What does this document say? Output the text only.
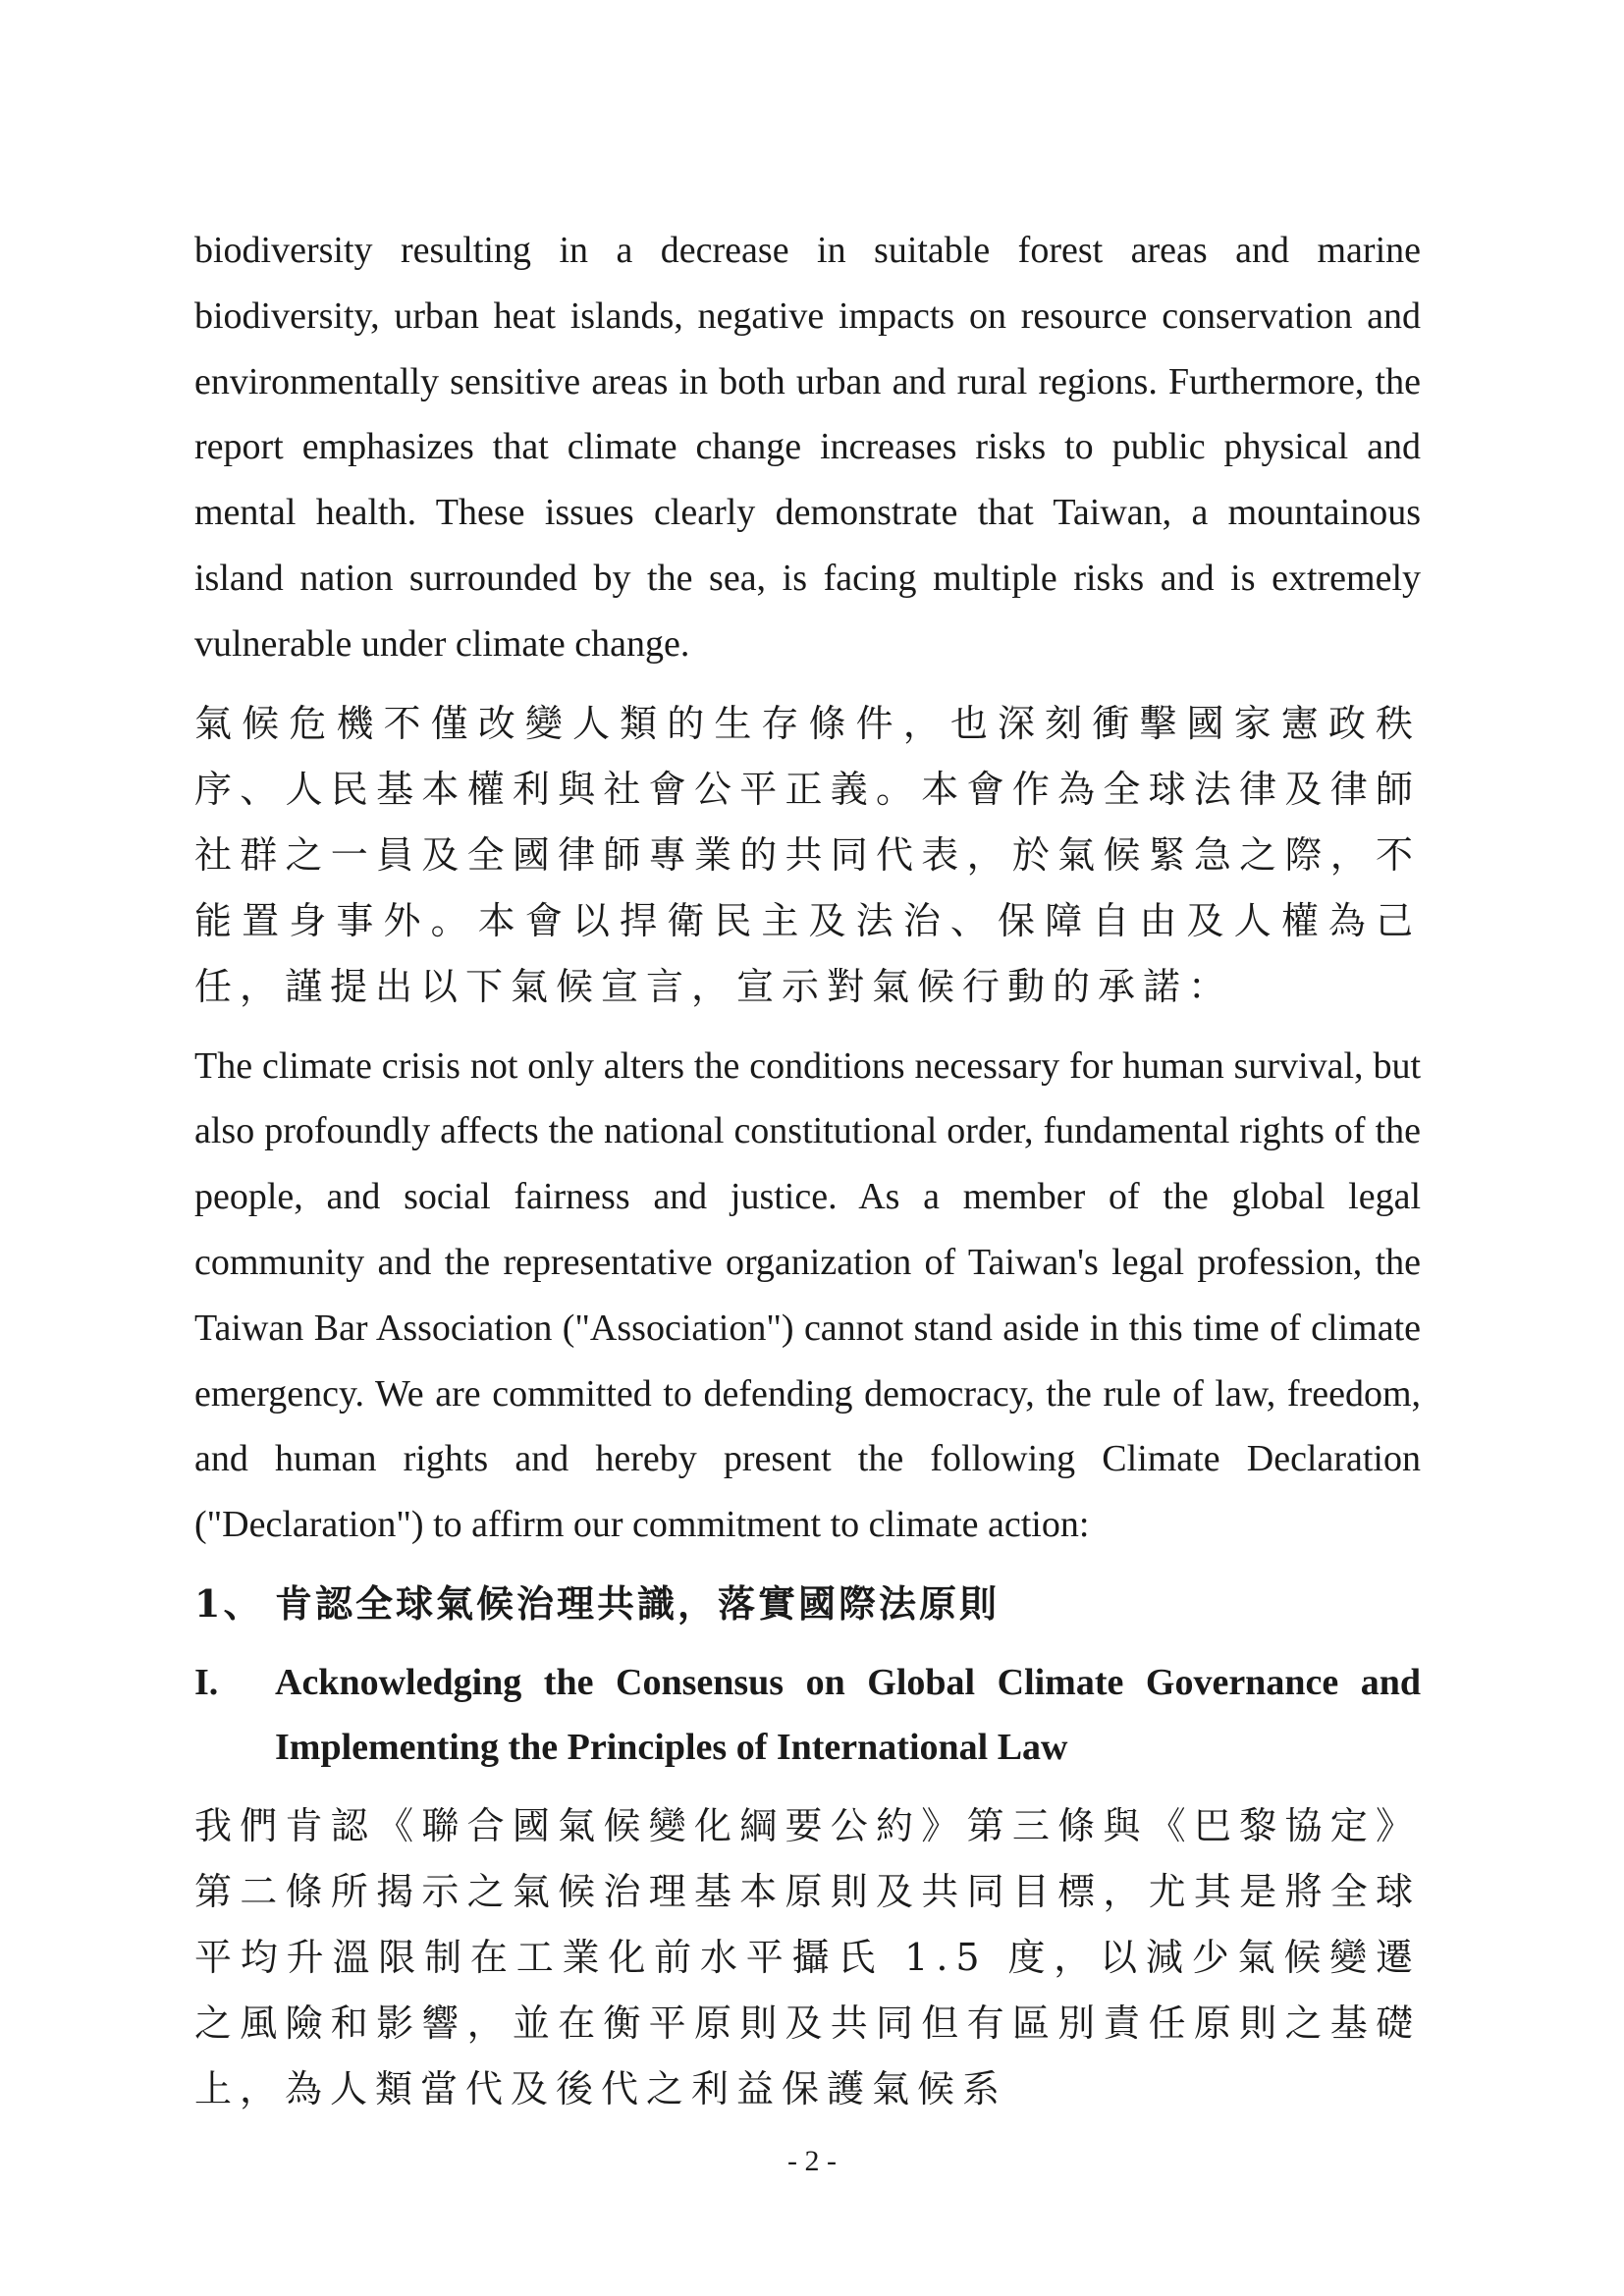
biodiversity resulting in a decrease in suitable forest areas and marine biodiversity, urban heat islands, negative impacts on resource conservation and environmentally sensitive areas in both urban and rural regions. Furthermore, the report emphasizes that climate change increases risks to public physical and mental health. These issues clearly demonstrate that Taiwan, a mountainous island nation surrounded by the sea, is facing multiple risks and is extremely vulnerable under climate change.

氣候危機不僅改變人類的生存條件，也深刻衝擊國家憲政秩序、人民基本權利與社會公平正義。本會作為全球法律及律師社群之一員及全國律師專業的共同代表，於氣候緊急之際，不能置身事外。本會以捍衛民主及法治、保障自由及人權為己任，謹提出以下氣候宣言，宣示對氣候行動的承諾：

The climate crisis not only alters the conditions necessary for human survival, but also profoundly affects the national constitutional order, fundamental rights of the people, and social fairness and justice. As a member of the global legal community and the representative organization of Taiwan's legal profession, the Taiwan Bar Association ("Association") cannot stand aside in this time of climate emergency. We are committed to defending democracy, the rule of law, freedom, and human rights and hereby present the following Climate Declaration ("Declaration") to affirm our commitment to climate action:

1、 肯認全球氣候治理共識，落實國際法原則
I.	Acknowledging the Consensus on Global Climate Governance and Implementing the Principles of International Law

我們肯認《聯合國氣候變化綱要公約》第三條與《巴黎協定》第二條所揭示之氣候治理基本原則及共同目標，尤其是將全球平均升溫限制在工業化前水平攝氏 1.5 度，以減少氣候變遷之風險和影響，並在衡平原則及共同但有區別責任原則之基礎上，為人類當代及後代之利益保護氣候系

- 2 -
